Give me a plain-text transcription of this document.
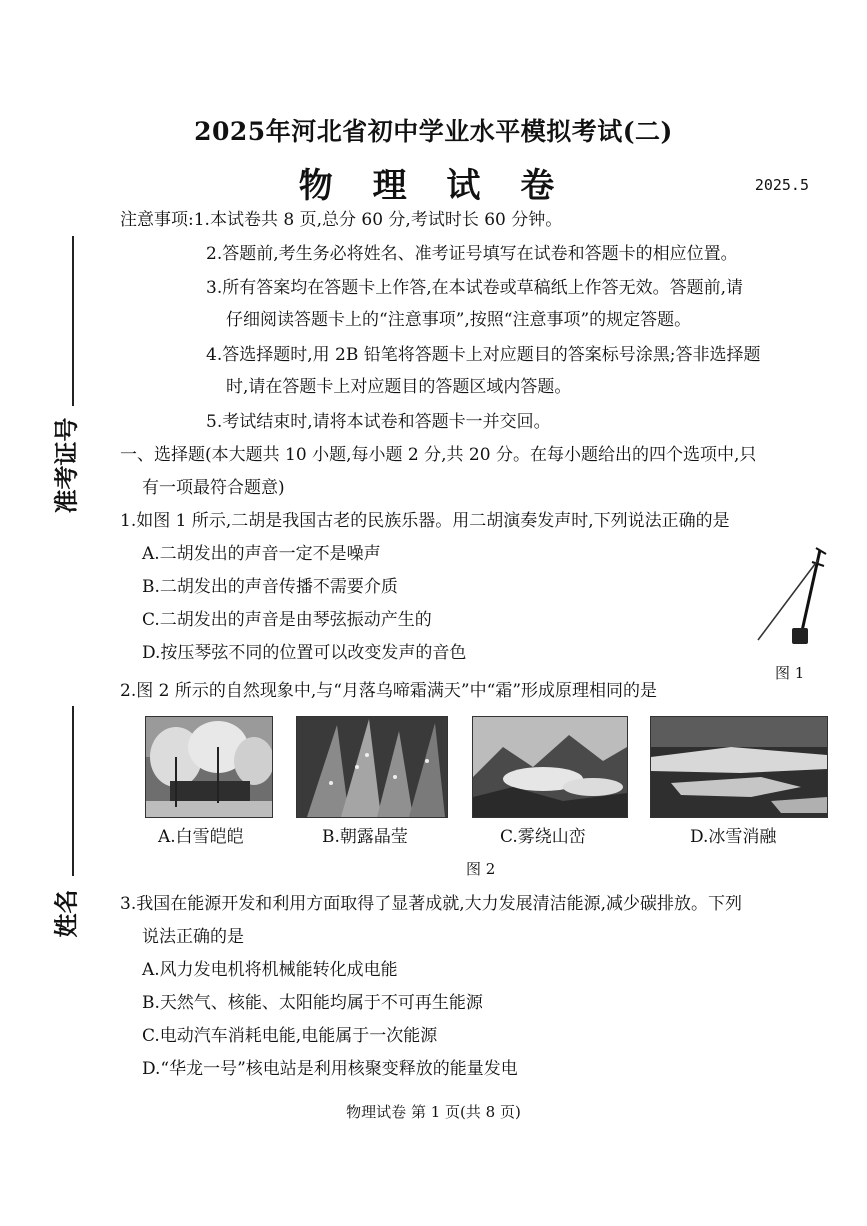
准考证号
姓名
2025年河北省初中学业水平模拟考试(二)
物 理 试 卷	2025.5
注意事项:1.本试卷共 8 页,总分 60 分,考试时长 60 分钟。
2.答题前,考生务必将姓名、准考证号填写在试卷和答题卡的相应位置。
3.所有答案均在答题卡上作答,在本试卷或草稿纸上作答无效。答题前,请
仔细阅读答题卡上的“注意事项”,按照“注意事项”的规定答题。
4.答选择题时,用 2B 铅笔将答题卡上对应题目的答案标号涂黑;答非选择题
时,请在答题卡上对应题目的答题区域内答题。
5.考试结束时,请将本试卷和答题卡一并交回。
一、选择题(本大题共 10 小题,每小题 2 分,共 20 分。在每小题给出的四个选项中,只
有一项最符合题意)
1.如图 1 所示,二胡是我国古老的民族乐器。用二胡演奏发声时,下列说法正确的是
A.二胡发出的声音一定不是噪声
B.二胡发出的声音传播不需要介质
C.二胡发出的声音是由琴弦振动产生的
D.按压琴弦不同的位置可以改变发声的音色
图 1
2.图 2 所示的自然现象中,与“月落乌啼霜满天”中“霜”形成原理相同的是
A.白雪皑皑	B.朝露晶莹	C.雾绕山峦	D.冰雪消融
图 2
3.我国在能源开发和利用方面取得了显著成就,大力发展清洁能源,减少碳排放。下列
说法正确的是
A.风力发电机将机械能转化成电能
B.天然气、核能、太阳能均属于不可再生能源
C.电动汽车消耗电能,电能属于一次能源
D.“华龙一号”核电站是利用核聚变释放的能量发电
物理试卷 第 1 页(共 8 页)
